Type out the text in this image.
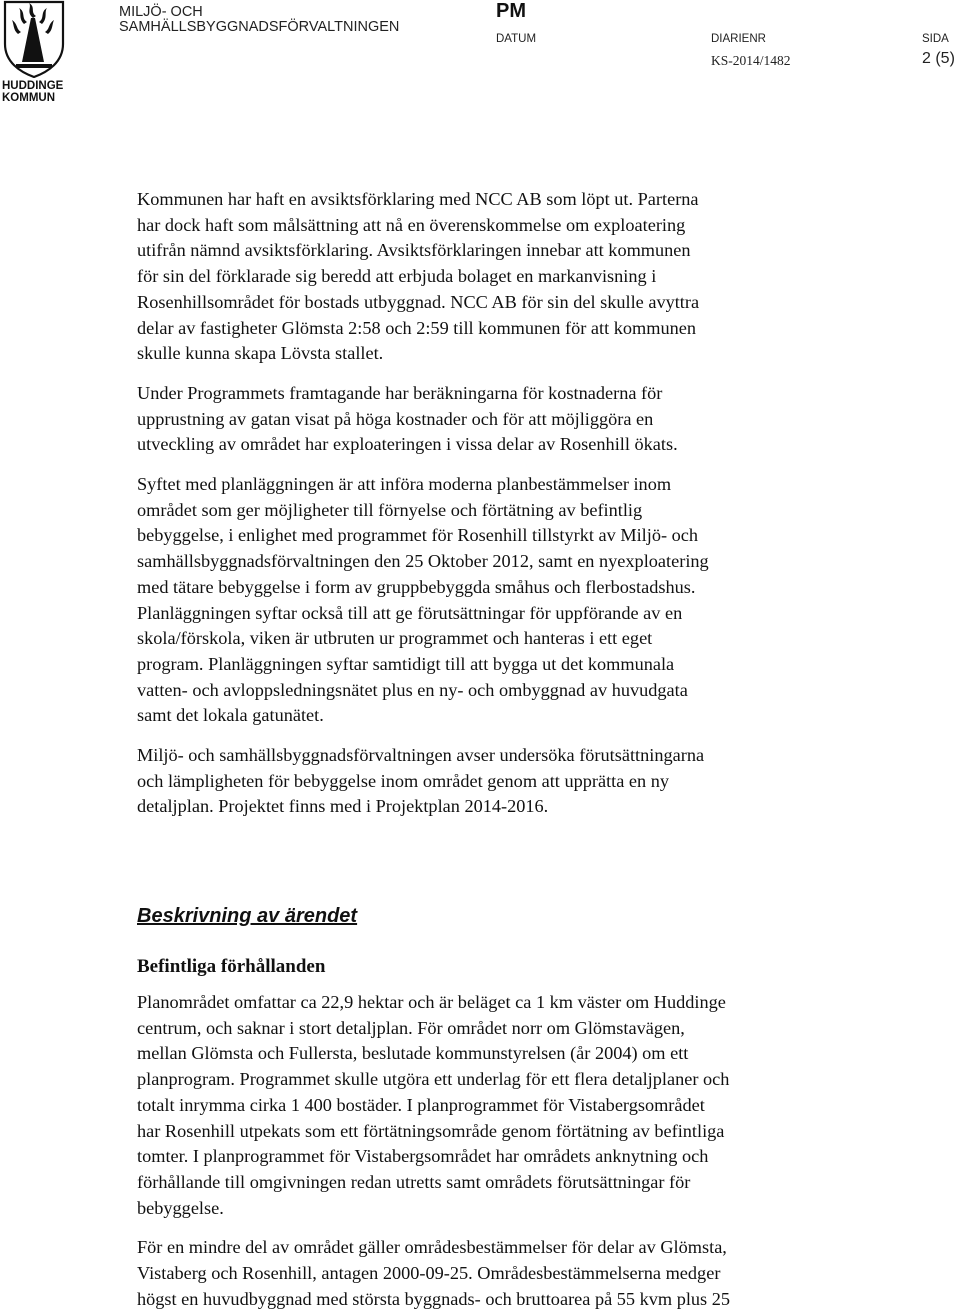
HUDDINGE
KOMMUN
MILJÖ- OCH
SAMHÄLLSBYGGNADSFÖRVALTNINGEN
PM
DATUM	DIARIENR	SIDA
KS-2014/1482	2 (5)

Kommunen har haft en avsiktsförklaring med NCC AB som löpt ut. Parterna
har dock haft som målsättning att nå en överenskommelse om exploatering
utifrån nämnd avsiktsförklaring. Avsiktsförklaringen innebar att kommunen
för sin del förklarade sig beredd att erbjuda bolaget en markanvisning i
Rosenhillsområdet för bostads utbyggnad. NCC AB för sin del skulle avyttra
delar av fastigheter Glömsta 2:58 och 2:59 till kommunen för att kommunen
skulle kunna skapa Lövsta stallet.

Under Programmets framtagande har beräkningarna för kostnaderna för
upprustning av gatan visat på höga kostnader och för att möjliggöra en
utveckling av området har exploateringen i vissa delar av Rosenhill ökats.

Syftet med planläggningen är att införa moderna planbestämmelser inom
området som ger möjligheter till förnyelse och förtätning av befintlig
bebyggelse, i enlighet med programmet för Rosenhill tillstyrkt av Miljö- och
samhällsbyggnadsförvaltningen den 25 Oktober 2012, samt en nyexploatering
med tätare bebyggelse i form av gruppbebyggda småhus och flerbostadshus.
Planläggningen syftar också till att ge förutsättningar för uppförande av en
skola/förskola, viken är utbruten ur programmet och hanteras i ett eget
program. Planläggningen syftar samtidigt till att bygga ut det kommunala
vatten- och avloppsledningsnätet plus en ny- och ombyggnad av huvudgata
samt det lokala gatunätet.

Miljö- och samhällsbyggnadsförvaltningen avser undersöka förutsättningarna
och lämpligheten för bebyggelse inom området genom att upprätta en ny
detaljplan. Projektet finns med i Projektplan 2014-2016.

Beskrivning av ärendet
Befintliga förhållanden

Planområdet omfattar ca 22,9 hektar och är beläget ca 1 km väster om Huddinge
centrum, och saknar i stort detaljplan. För området norr om Glömstavägen,
mellan Glömsta och Fullersta, beslutade kommunstyrelsen (år 2004) om ett
planprogram. Programmet skulle utgöra ett underlag för ett flera detaljplaner och
totalt inrymma cirka 1 400 bostäder. I planprogrammet för Vistabergsområdet
har Rosenhill utpekats som ett förtätningsområde genom förtätning av befintliga
tomter. I planprogrammet för Vistabergsområdet har områdets anknytning och
förhållande till omgivningen redan utretts samt områdets förutsättningar för
bebyggelse.

För en mindre del av området gäller områdesbestämmelser för delar av Glömsta,
Vistaberg och Rosenhill, antagen 2000-09-25. Områdesbestämmelserna medger
högst en huvudbyggnad med största byggnads- och bruttoarea på 55 kvm plus 25
